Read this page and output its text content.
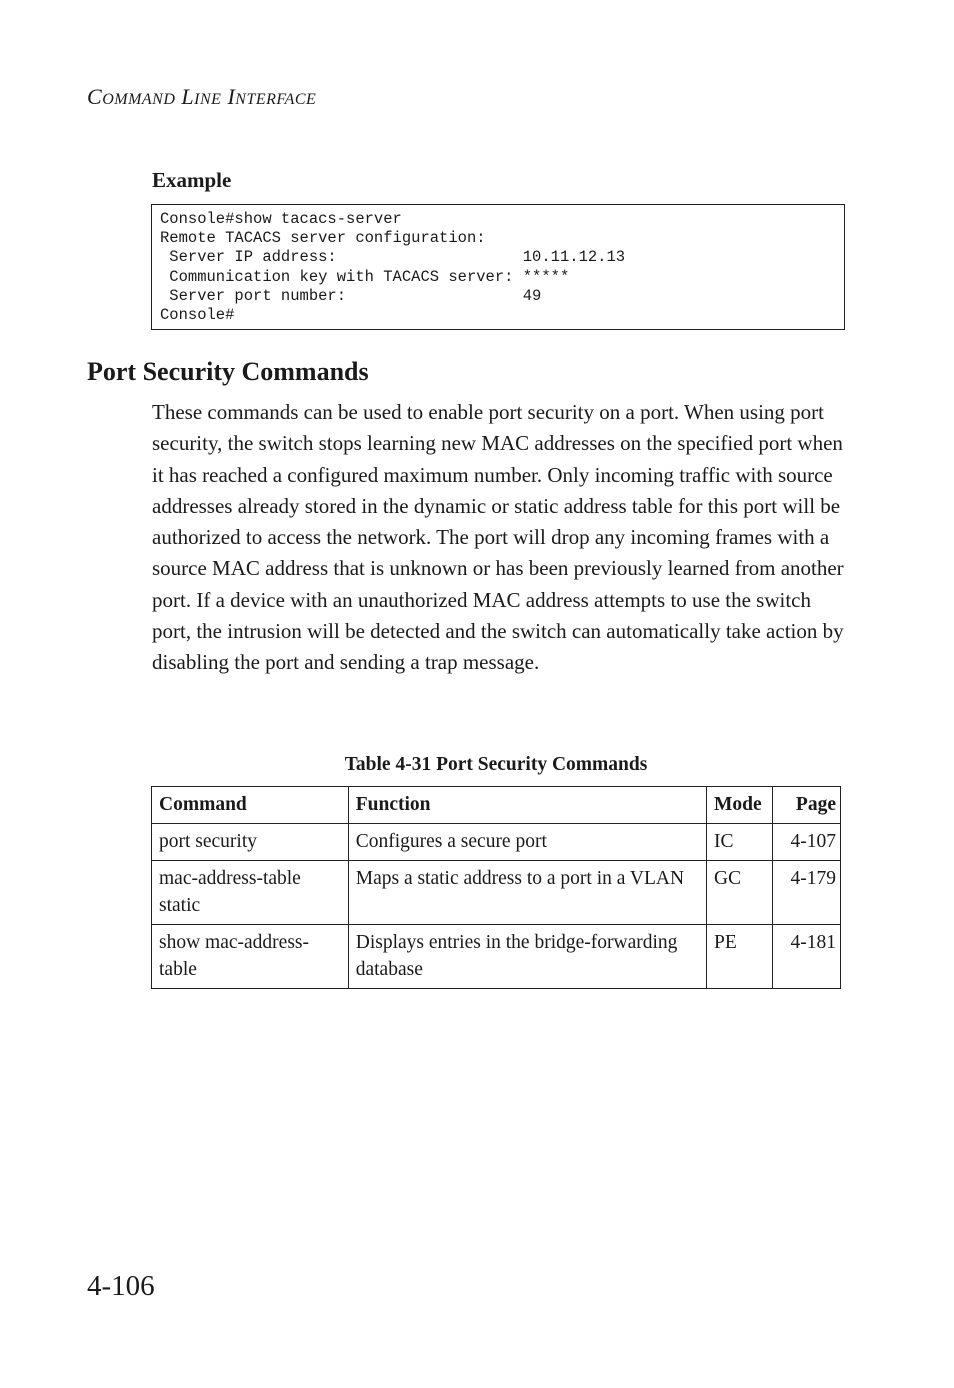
COMMAND LINE INTERFACE
Example
Console#show tacacs-server
Remote TACACS server configuration:
Server IP address:                    10.11.12.13
Communication key with TACACS server: *****
Server port number:                   49
Console#
Port Security Commands
These commands can be used to enable port security on a port. When using port security, the switch stops learning new MAC addresses on the specified port when it has reached a configured maximum number. Only incoming traffic with source addresses already stored in the dynamic or static address table for this port will be authorized to access the network. The port will drop any incoming frames with a source MAC address that is unknown or has been previously learned from another port. If a device with an unauthorized MAC address attempts to use the switch port, the intrusion will be detected and the switch can automatically take action by disabling the port and sending a trap message.
Table 4-31 Port Security Commands
Command	Function	Mode	Page
port security	Configures a secure port	IC	4-107
mac-address-table static	Maps a static address to a port in a VLAN	GC	4-179
show mac-address-table	Displays entries in the bridge-forwarding database	PE	4-181
4-106
